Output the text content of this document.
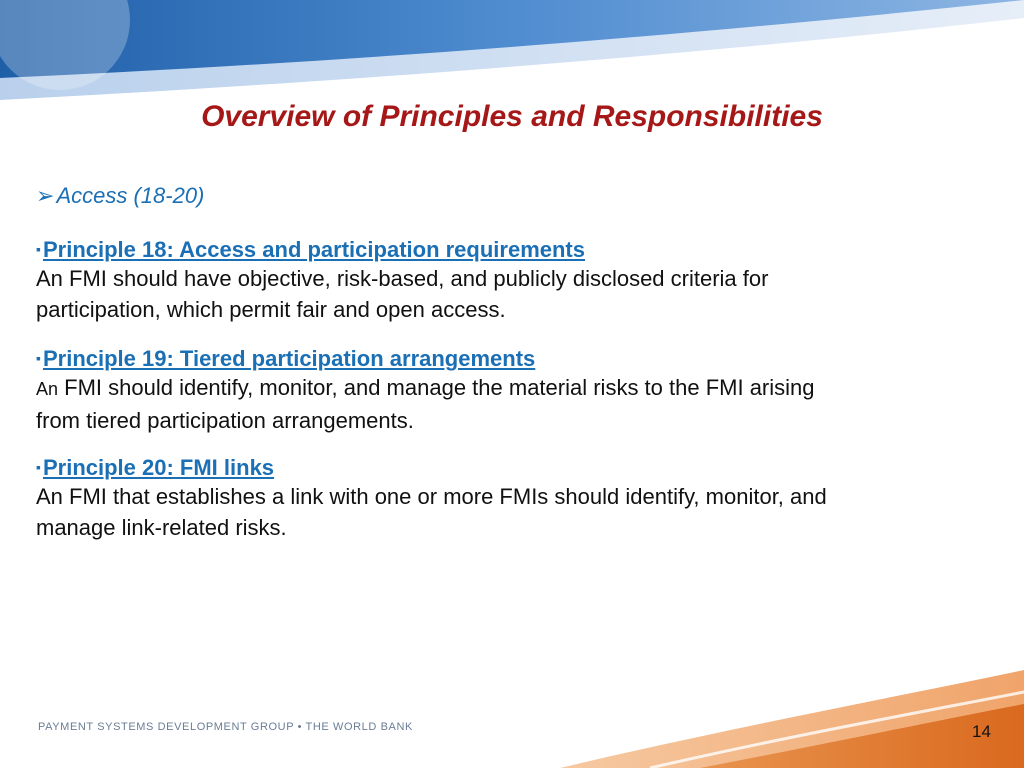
Overview of Principles and Responsibilities
➢Access (18-20)
▪Principle 18: Access and participation requirements
An FMI should have objective, risk-based, and publicly disclosed criteria for
participation, which permit fair and open access.
▪Principle 19: Tiered participation arrangements
An FMI should identify, monitor, and manage the material risks to the FMI arising
from tiered participation arrangements.
▪Principle 20: FMI links
An FMI that establishes a link with one or more FMIs should identify, monitor, and
manage link-related risks.
PAYMENT SYSTEMS DEVELOPMENT GROUP • THE WORLD BANK	14
